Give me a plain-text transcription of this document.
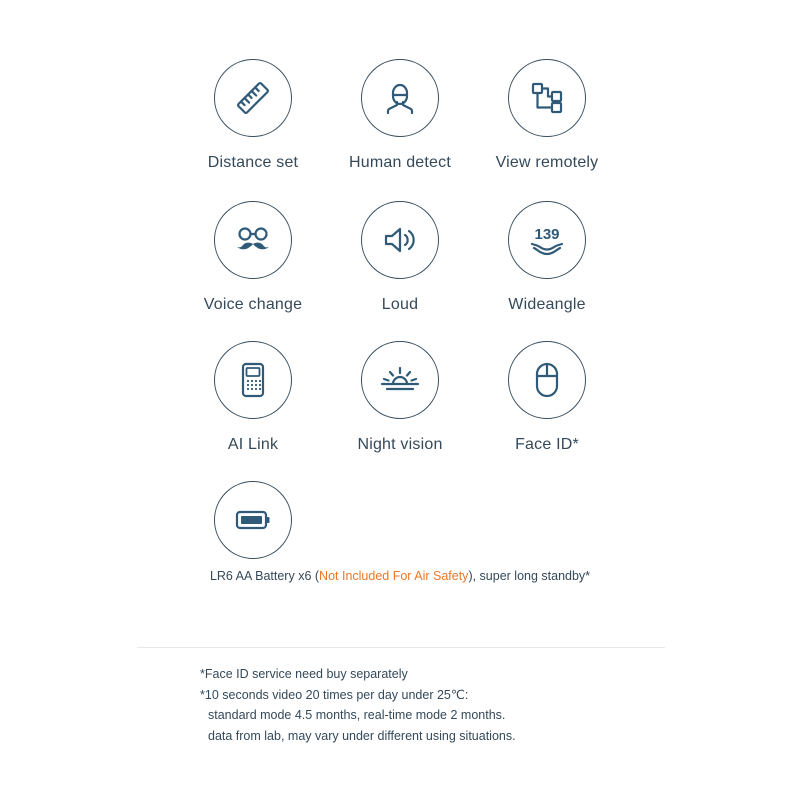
Distance set	Human detect	View remotely
Voice change	Loud
139
Wideangle
AI Link	Night vision	Face ID*
LR6 AA Battery x6 (Not Included For Air Safety), super long standby*
*Face ID service need buy separately
*10 seconds video 20 times per day under 25℃:
standard mode 4.5 months, real-time mode 2 months.
data from lab, may vary under different using situations.
